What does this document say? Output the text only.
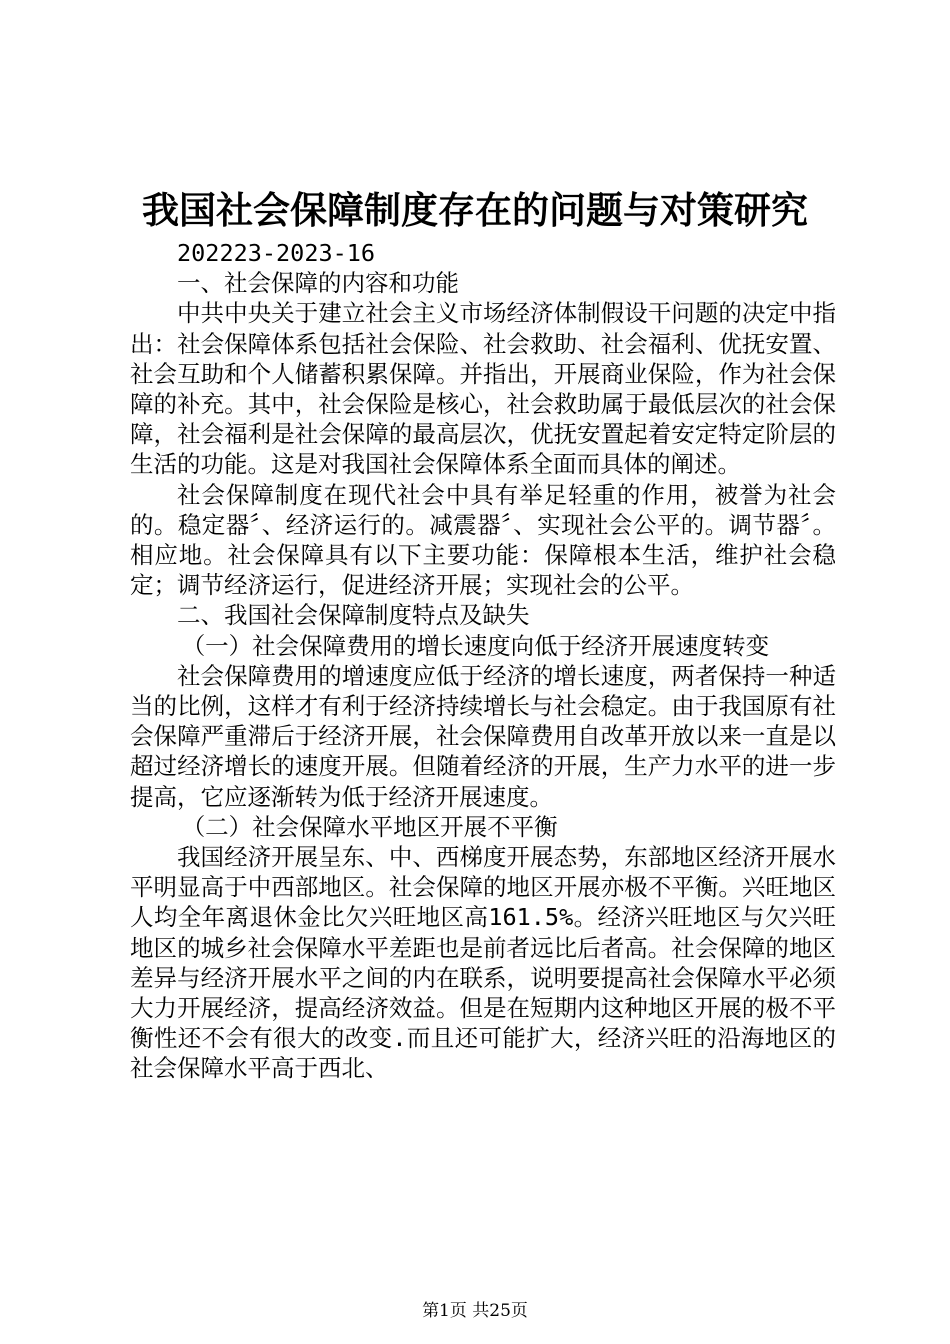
我国社会保障制度存在的问题与对策研究

202223-2023-16

一、社会保障的内容和功能

中共中央关于建立社会主义市场经济体制假设干问题的决定中指出：社会保障体系包括社会保险、社会救助、社会福利、优抚安置、社会互助和个人储蓄积累保障。并指出，开展商业保险，作为社会保障的补充。其中，社会保险是核心，社会救助属于最低层次的社会保障，社会福利是社会保障的最高层次，优抚安置起着安定特定阶层的生活的功能。这是对我国社会保障体系全面而具体的阐述。

社会保障制度在现代社会中具有举足轻重的作用，被誉为社会的。稳定器〞、经济运行的。减震器〞、实现社会公平的。调节器〞。相应地。社会保障具有以下主要功能：保障根本生活，维护社会稳定；调节经济运行，促进经济开展；实现社会的公平。

二、我国社会保障制度特点及缺失

（一）社会保障费用的增长速度向低于经济开展速度转变

社会保障费用的增速度应低于经济的增长速度，两者保持一种适当的比例，这样才有利于经济持续增长与社会稳定。由于我国原有社会保障严重滞后于经济开展，社会保障费用自改革开放以来一直是以超过经济增长的速度开展。但随着经济的开展，生产力水平的进一步提高，它应逐渐转为低于经济开展速度。

（二）社会保障水平地区开展不平衡

我国经济开展呈东、中、西梯度开展态势，东部地区经济开展水平明显高于中西部地区。社会保障的地区开展亦极不平衡。兴旺地区人均全年离退休金比欠兴旺地区高161.5%。经济兴旺地区与欠兴旺地区的城乡社会保障水平差距也是前者远比后者高。社会保障的地区差异与经济开展水平之间的内在联系，说明要提高社会保障水平必须大力开展经济，提高经济效益。但是在短期内这种地区开展的极不平衡性还不会有很大的改变.而且还可能扩大，经济兴旺的沿海地区的社会保障水平高于西北、

第1页 共25页
